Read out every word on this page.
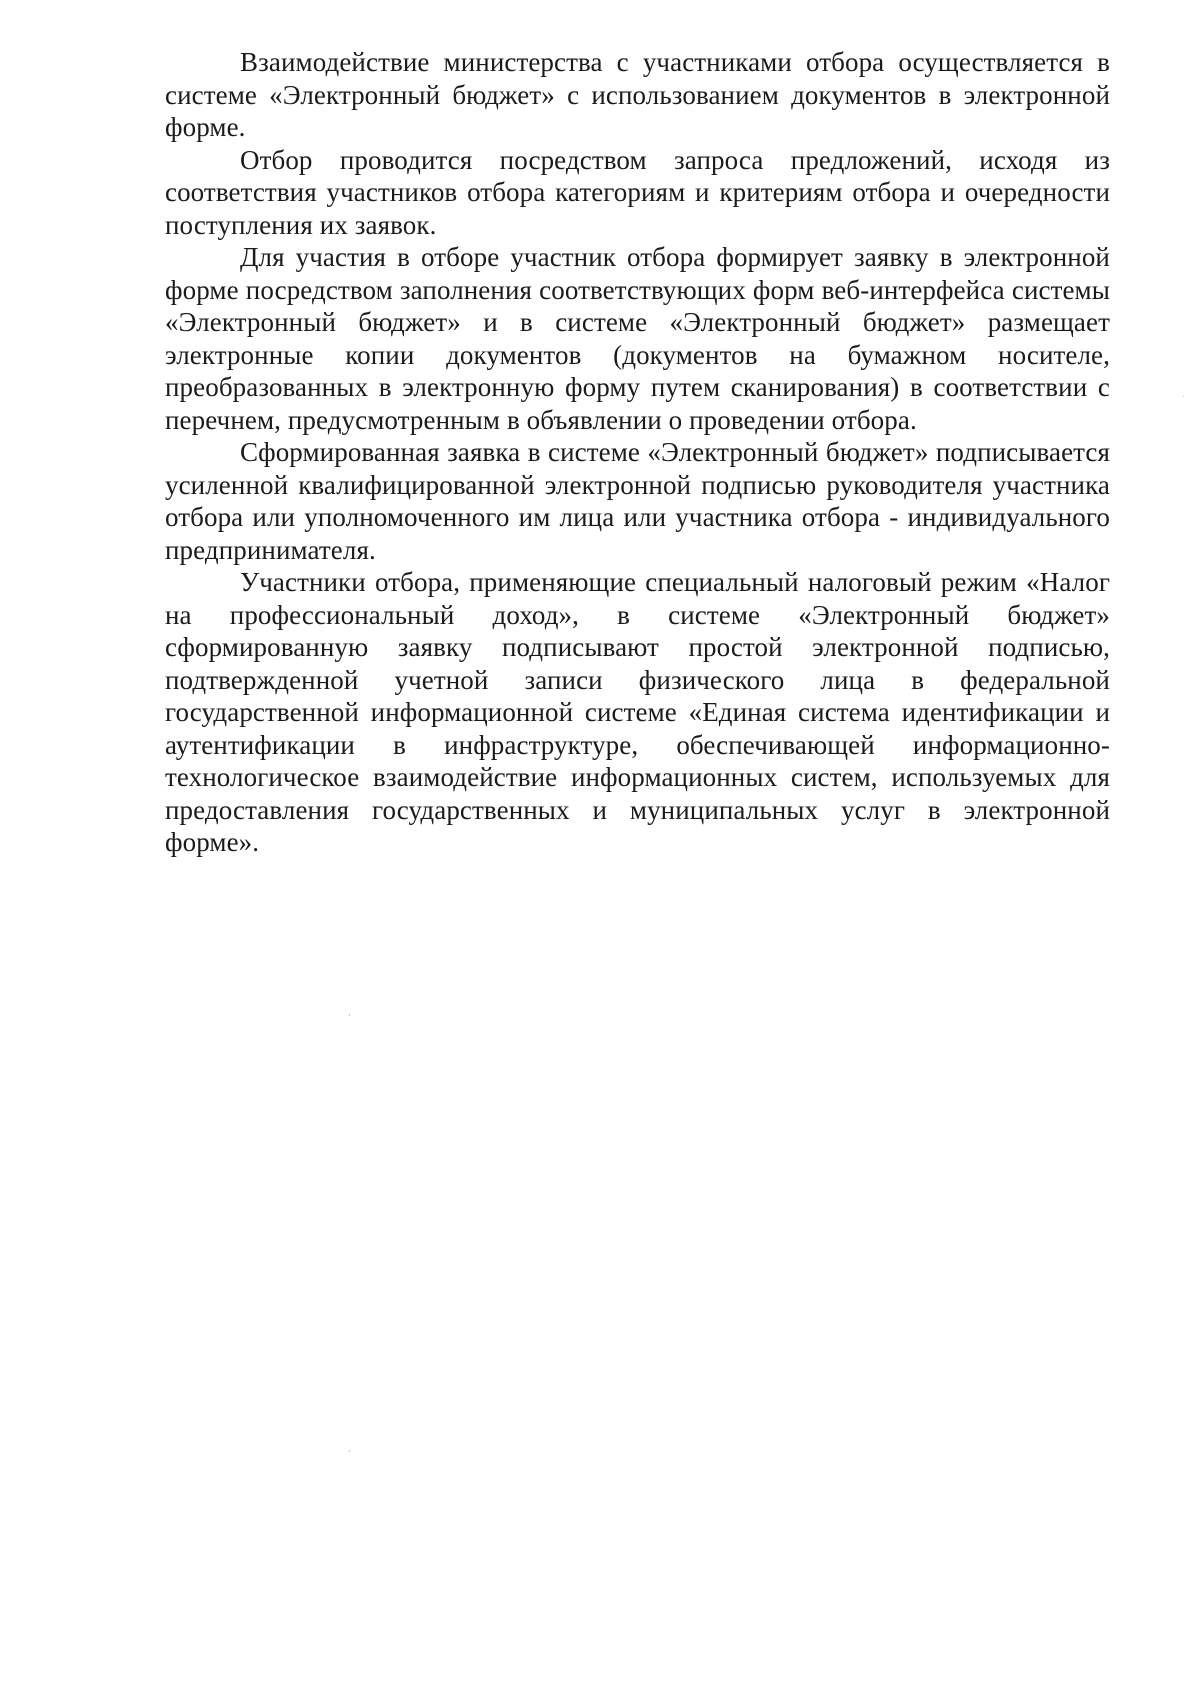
Взаимодействие министерства с участниками отбора осуществляется в системе «Электронный бюджет» с использованием документов в электронной форме.

Отбор проводится посредством запроса предложений, исходя из соответствия участников отбора категориям и критериям отбора и очередности поступления их заявок.

Для участия в отборе участник отбора формирует заявку в электронной форме посредством заполнения соответствующих форм веб-интерфейса системы «Электронный бюджет» и в системе «Электронный бюджет» размещает электронные копии документов (документов на бумажном носителе, преобразованных в электронную форму путем сканирования) в соответствии с перечнем, предусмотренным в объявлении о проведении отбора.

Сформированная заявка в системе «Электронный бюджет» подписывается усиленной квалифицированной электронной подписью руководителя участника отбора или уполномоченного им лица или участника отбора - индивидуального предпринимателя.

Участники отбора, применяющие специальный налоговый режим «Налог на профессиональный доход», в системе «Электронный бюджет» сформированную заявку подписывают простой электронной подписью, подтвержденной учетной записи физического лица в федеральной государственной информационной системе «Единая система идентификации и аутентификации в инфраструктуре, обеспечивающей информационно-технологическое взаимодействие информационных систем, используемых для предоставления государственных и муниципальных услуг в электронной форме».
